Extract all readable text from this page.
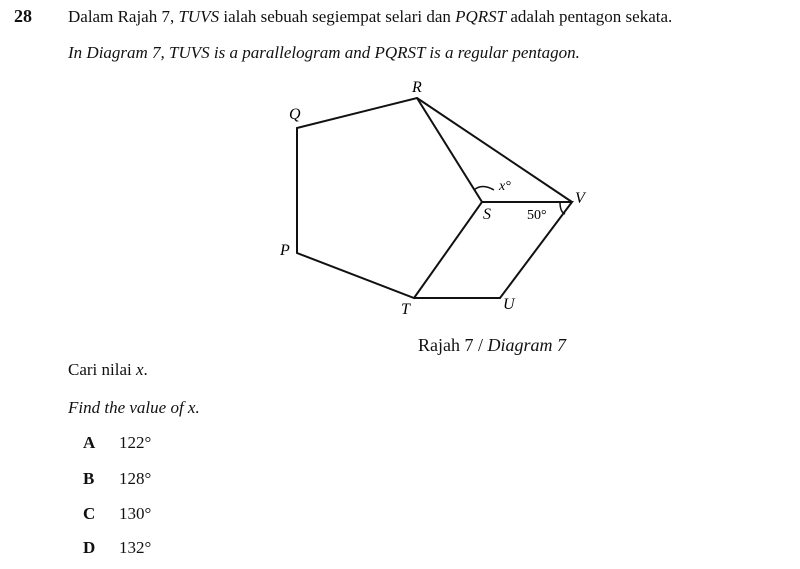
28 Dalam Rajah 7, TUVS ialah sebuah segiempat selari dan PQRST adalah pentagon sekata.
In Diagram 7, TUVS is a parallelogram and PQRST is a regular pentagon.
Q
R
P
S
T	U
V
x°
50°
Rajah 7 / Diagram 7
Cari nilai x.
Find the value of x.
A 122°
B 128°
C 130°
D 132°
